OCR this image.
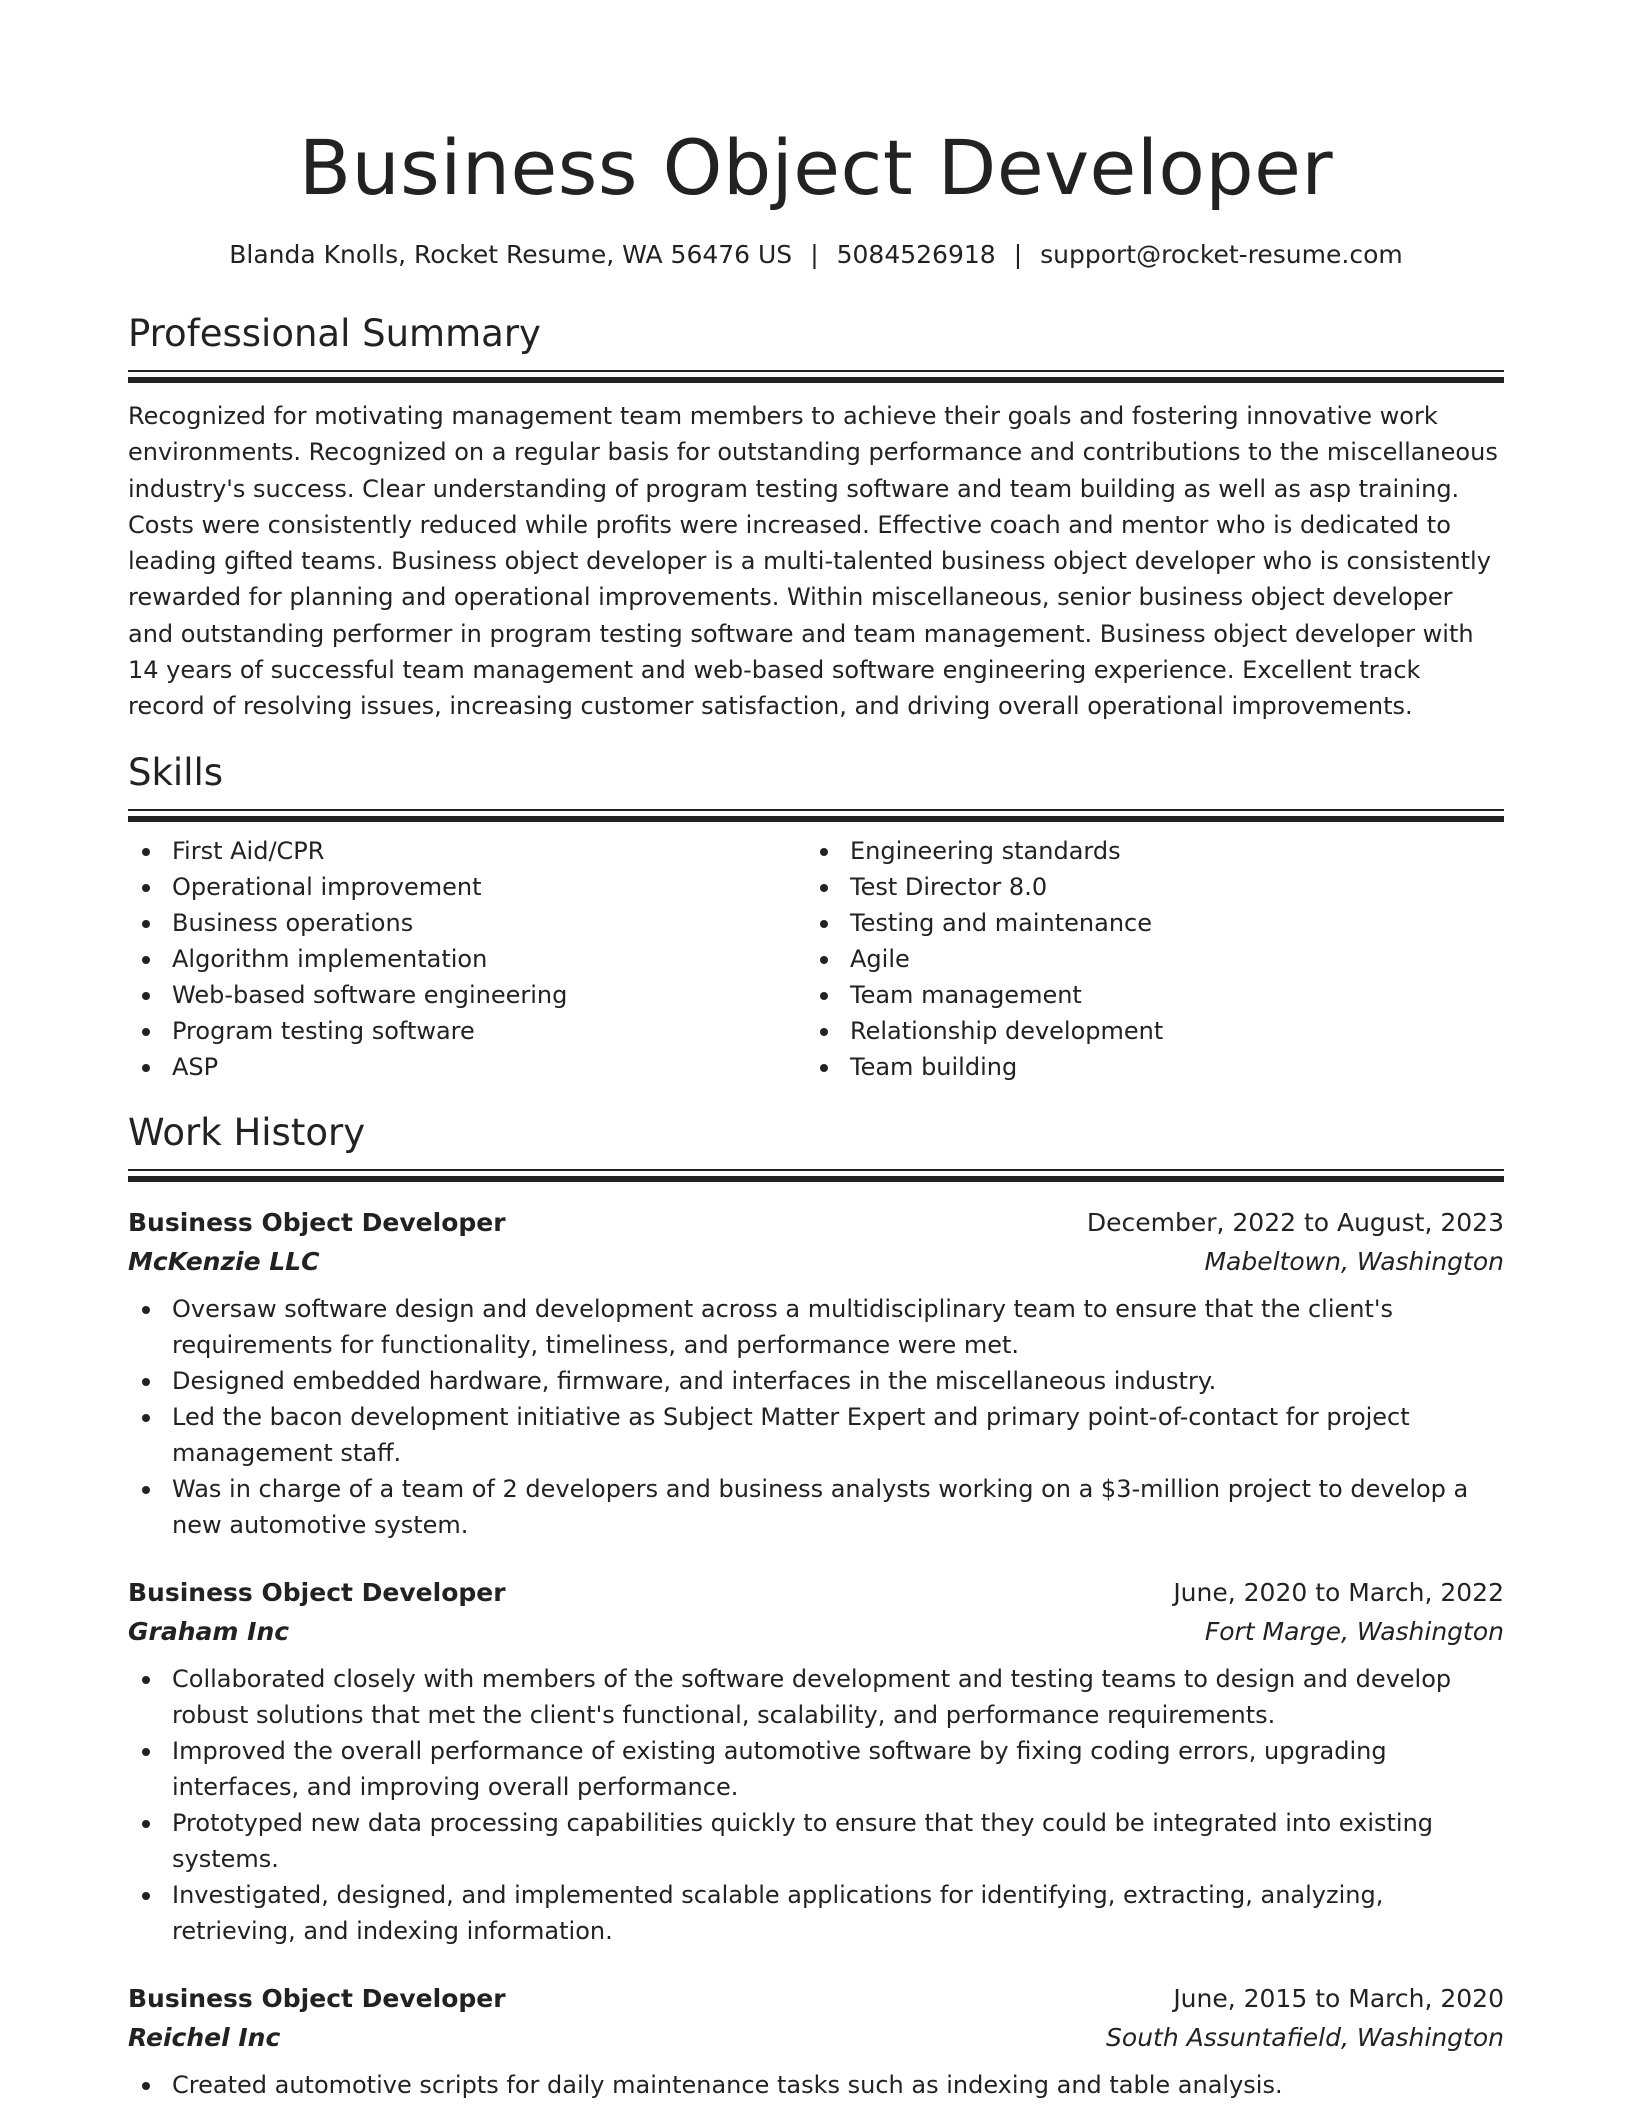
Business Object Developer
Blanda Knolls, Rocket Resume, WA 56476 US | 5084526918 | support@rocket-resume.com
Professional Summary
Recognized for motivating management team members to achieve their goals and fostering innovative work environments. Recognized on a regular basis for outstanding performance and contributions to the miscellaneous industry's success. Clear understanding of program testing software and team building as well as asp training. Costs were consistently reduced while profits were increased. Effective coach and mentor who is dedicated to leading gifted teams. Business object developer is a multi-talented business object developer who is consistently rewarded for planning and operational improvements. Within miscellaneous, senior business object developer and outstanding performer in program testing software and team management. Business object developer with 14 years of successful team management and web-based software engineering experience. Excellent track record of resolving issues, increasing customer satisfaction, and driving overall operational improvements.
Skills
First Aid/CPR
Operational improvement
Business operations
Algorithm implementation
Web-based software engineering
Program testing software
ASP
Engineering standards
Test Director 8.0
Testing and maintenance
Agile
Team management
Relationship development
Team building
Work History
Business Object Developer	December, 2022 to August, 2023
McKenzie LLC	Mabeltown, Washington
Oversaw software design and development across a multidisciplinary team to ensure that the client's requirements for functionality, timeliness, and performance were met.
Designed embedded hardware, firmware, and interfaces in the miscellaneous industry.
Led the bacon development initiative as Subject Matter Expert and primary point-of-contact for project management staff.
Was in charge of a team of 2 developers and business analysts working on a $3-million project to develop a new automotive system.
Business Object Developer	June, 2020 to March, 2022
Graham Inc	Fort Marge, Washington
Collaborated closely with members of the software development and testing teams to design and develop robust solutions that met the client's functional, scalability, and performance requirements.
Improved the overall performance of existing automotive software by fixing coding errors, upgrading interfaces, and improving overall performance.
Prototyped new data processing capabilities quickly to ensure that they could be integrated into existing systems.
Investigated, designed, and implemented scalable applications for identifying, extracting, analyzing, retrieving, and indexing information.
Business Object Developer	June, 2015 to March, 2020
Reichel Inc	South Assuntafield, Washington
Created automotive scripts for daily maintenance tasks such as indexing and table analysis.
